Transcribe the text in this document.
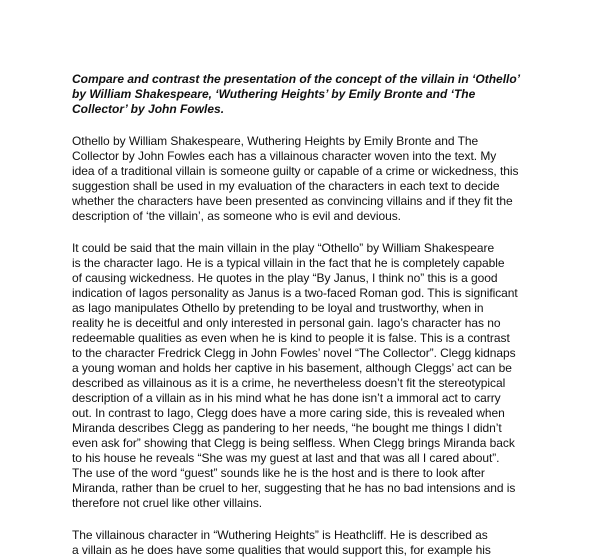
Compare and contrast the presentation of the concept of the villain in ‘Othello’

by William Shakespeare, ‘Wuthering Heights’ by Emily Bronte and ‘The

Collector’ by John Fowles.

Othello by William Shakespeare, Wuthering Heights by Emily Bronte and The

Collector by John Fowles each has a villainous character woven into the text. My

idea of a traditional villain is someone guilty or capable of a crime or wickedness, this

suggestion shall be used in my evaluation of the characters in each text to decide

whether the characters have been presented as convincing villains and if they fit the

description of ‘the villain’, as someone who is evil and devious.

It could be said that the main villain in the play “Othello” by William Shakespeare

is the character Iago. He is a typical villain in the fact that he is completely capable

of causing wickedness. He quotes in the play “By Janus, I think no” this is a good

indication of Iagos personality as Janus is a two-faced Roman god. This is significant

as Iago manipulates Othello by pretending to be loyal and trustworthy, when in

reality he is deceitful and only interested in personal gain. Iago’s character has no

redeemable qualities as even when he is kind to people it is false. This is a contrast

to the character Fredrick Clegg in John Fowles’ novel “The Collector”. Clegg kidnaps

a young woman and holds her captive in his basement, although Cleggs’ act can be

described as villainous as it is a crime, he nevertheless doesn’t fit the stereotypical

description of a villain as in his mind what he has done isn’t a immoral act to carry

out. In contrast to Iago, Clegg does have a more caring side, this is revealed when

Miranda describes Clegg as pandering to her needs, “he bought me things I didn’t

even ask for” showing that Clegg is being selfless. When Clegg brings Miranda back

to his house he reveals “She was my guest at last and that was all I cared about”.

The use of the word “guest” sounds like he is the host and is there to look after

Miranda, rather than be cruel to her, suggesting that he has no bad intensions and is

therefore not cruel like other villains.

The villainous character in “Wuthering Heights” is Heathcliff. He is described as

a villain as he does have some qualities that would support this, for example his
